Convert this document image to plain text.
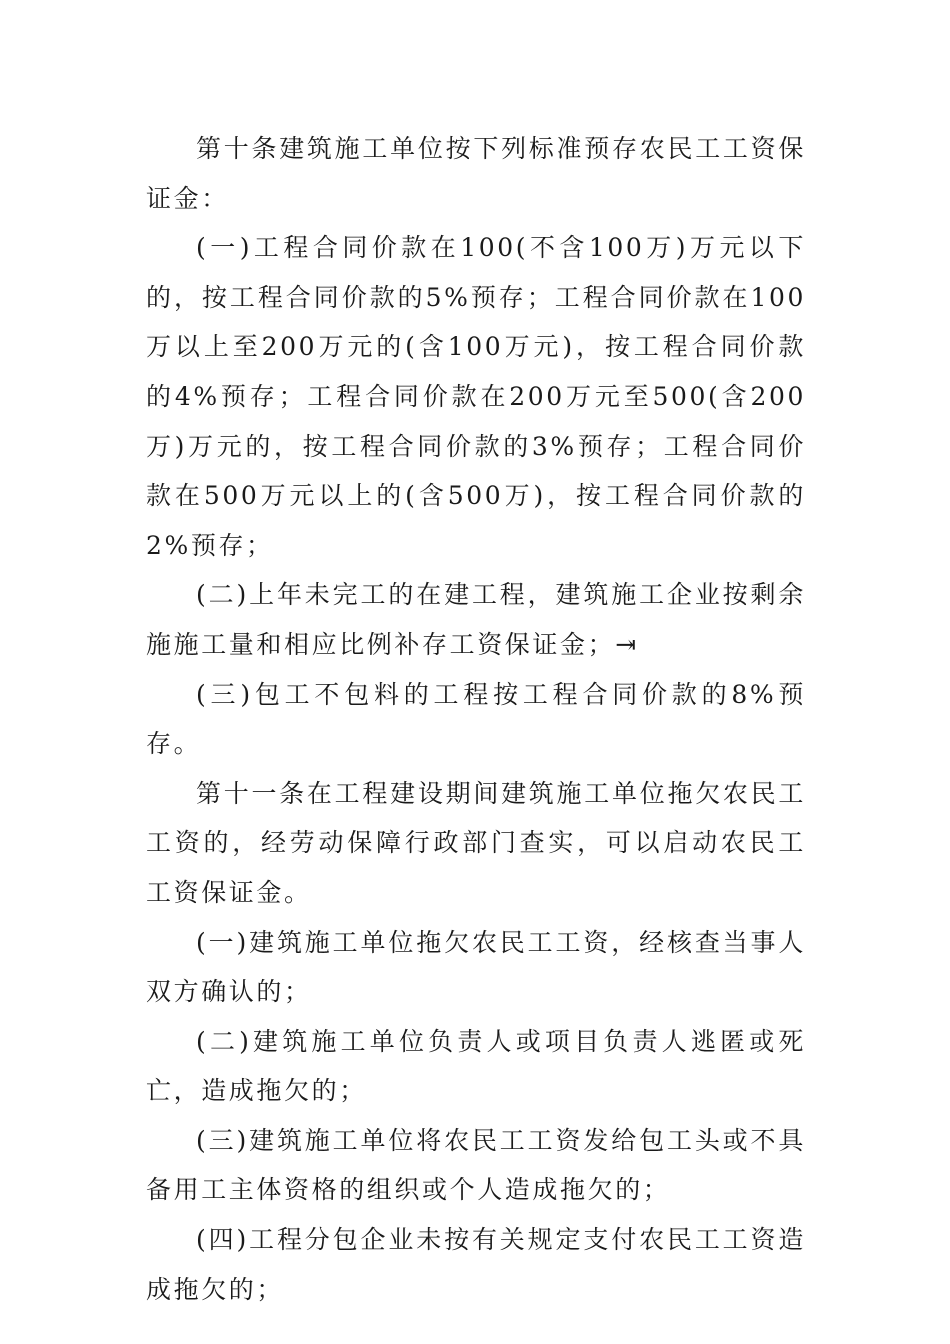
第十条建筑施工单位按下列标准预存农民工工资保证金：

(一)工程合同价款在100(不含100万)万元以下的，按工程合同价款的5%预存；工程合同价款在100万以上至200万元的(含100万元)，按工程合同价款的4%预存；工程合同价款在200万元至500(含200万)万元的，按工程合同价款的3%预存；工程合同价款在500万元以上的(含500万)，按工程合同价款的2%预存；

(二)上年未完工的在建工程，建筑施工企业按剩余施施工量和相应比例补存工资保证金；⇥

(三)包工不包料的工程按工程合同价款的8%预存。

第十一条在工程建设期间建筑施工单位拖欠农民工工资的，经劳动保障行政部门查实，可以启动农民工工资保证金。

(一)建筑施工单位拖欠农民工工资，经核查当事人双方确认的；

(二)建筑施工单位负责人或项目负责人逃匿或死亡，造成拖欠的；

(三)建筑施工单位将农民工工资发给包工头或不具备用工主体资格的组织或个人造成拖欠的；

(四)工程分包企业未按有关规定支付农民工工资造成拖欠的；
